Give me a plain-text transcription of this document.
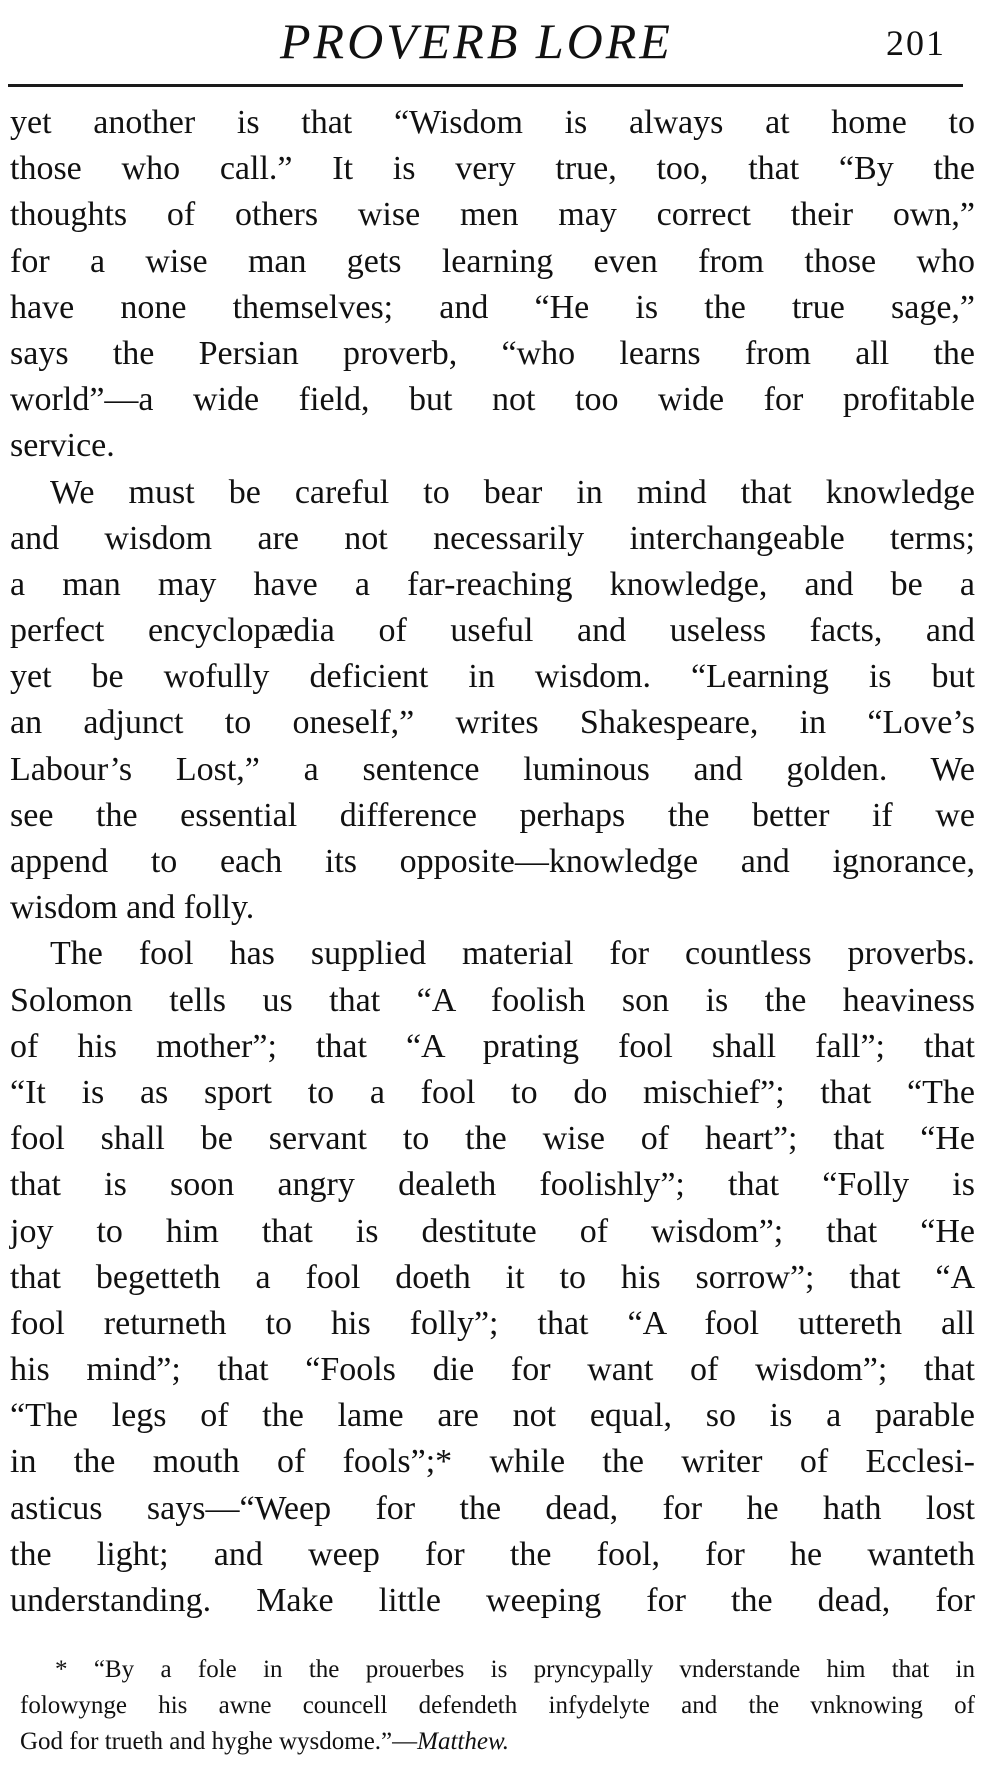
PROVERB LORE	201
yet another is that “Wisdom is always at home to
those who call.” It is very true, too, that “By the
thoughts of others wise men may correct their own,”
for a wise man gets learning even from those who
have none themselves; and “He is the true sage,”
says the Persian proverb, “who learns from all the
world”—a wide field, but not too wide for profitable
service.
We must be careful to bear in mind that knowledge
and wisdom are not necessarily interchangeable terms;
a man may have a far-reaching knowledge, and be a
perfect encyclopædia of useful and useless facts, and
yet be wofully deficient in wisdom. “Learning is but
an adjunct to oneself,” writes Shakespeare, in “Love’s
Labour’s Lost,” a sentence luminous and golden. We
see the essential difference perhaps the better if we
append to each its opposite—knowledge and ignorance,
wisdom and folly.
The fool has supplied material for countless proverbs.
Solomon tells us that “A foolish son is the heaviness
of his mother”; that “A prating fool shall fall”; that
“It is as sport to a fool to do mischief”; that “The
fool shall be servant to the wise of heart”; that “He
that is soon angry dealeth foolishly”; that “Folly is
joy to him that is destitute of wisdom”; that “He
that begetteth a fool doeth it to his sorrow”; that “A
fool returneth to his folly”; that “A fool uttereth all
his mind”; that “Fools die for want of wisdom”; that
“The legs of the lame are not equal, so is a parable
in the mouth of fools”;* while the writer of Ecclesi-
asticus says—“Weep for the dead, for he hath lost
the light; and weep for the fool, for he wanteth
understanding. Make little weeping for the dead, for
* “By a fole in the prouerbes is pryncypally vnderstande him that in
folowynge his awne councell defendeth infydelyte and the vnknowing of
God for trueth and hyghe wysdome.”—Matthew.
